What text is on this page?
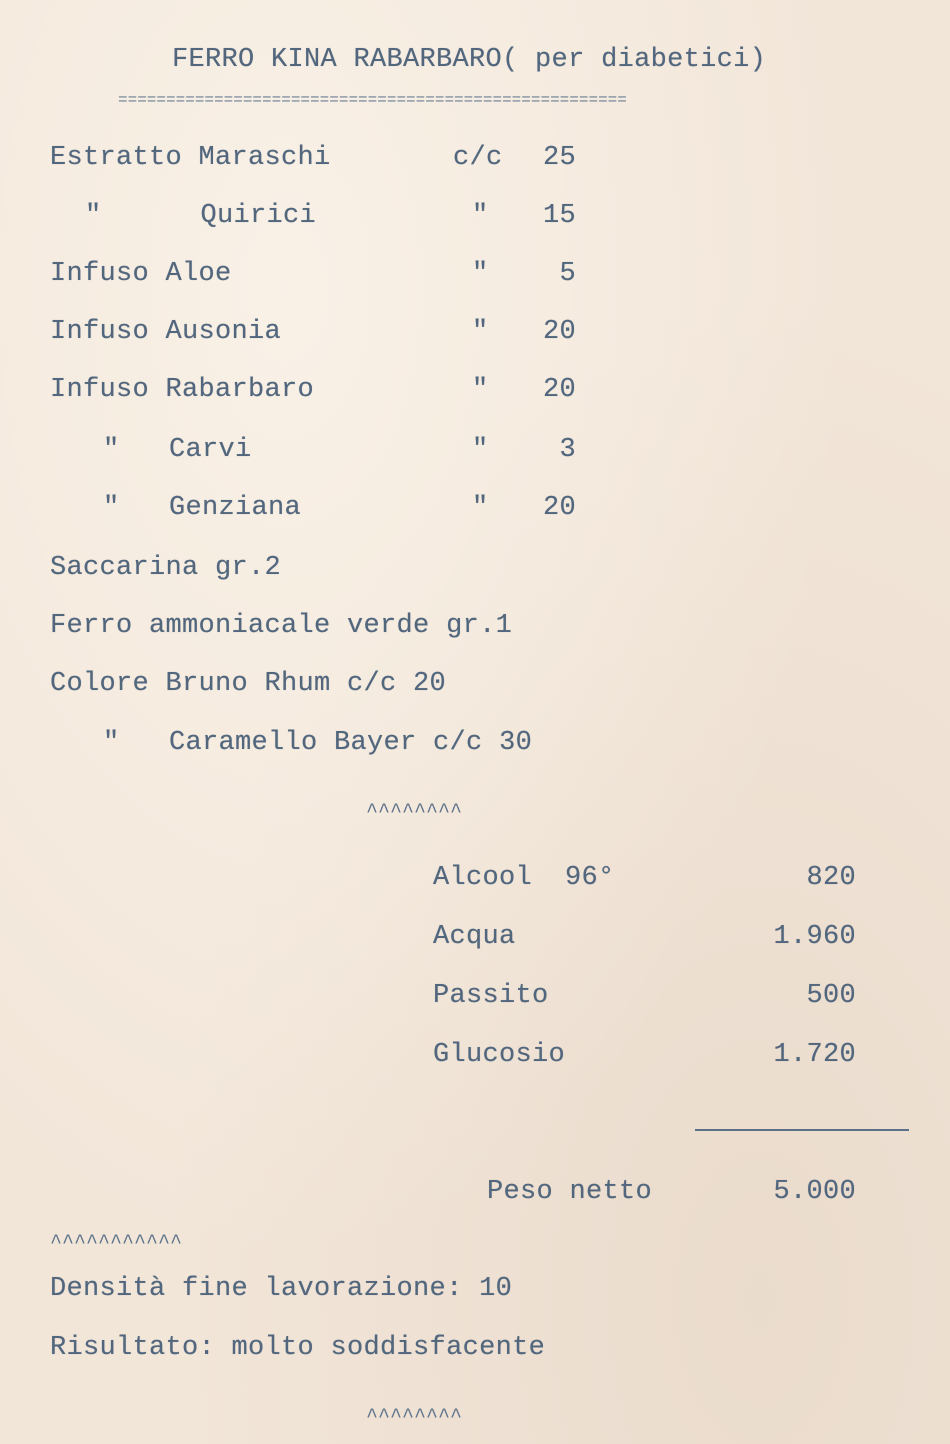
FERRO KINA RABARBARO( per diabetici)
=====================================================
Estratto Maraschi	c/c	25
"      Quirici	"	15
Infuso Aloe	"	5
Infuso Ausonia	"	20
Infuso Rabarbaro	"	20
"   Carvi	"	3
"   Genziana	"	20
Saccarina gr.2
Ferro ammoniacale verde gr.1
Colore Bruno Rhum c/c 20
"   Caramello Bayer c/c 30
^^^^^^^^
Alcool  96°	820
Acqua	1.960
Passito	500
Glucosio	1.720
Peso netto	5.000
^^^^^^^^^^^
Densità fine lavorazione: 10
Risultato: molto soddisfacente
^^^^^^^^
